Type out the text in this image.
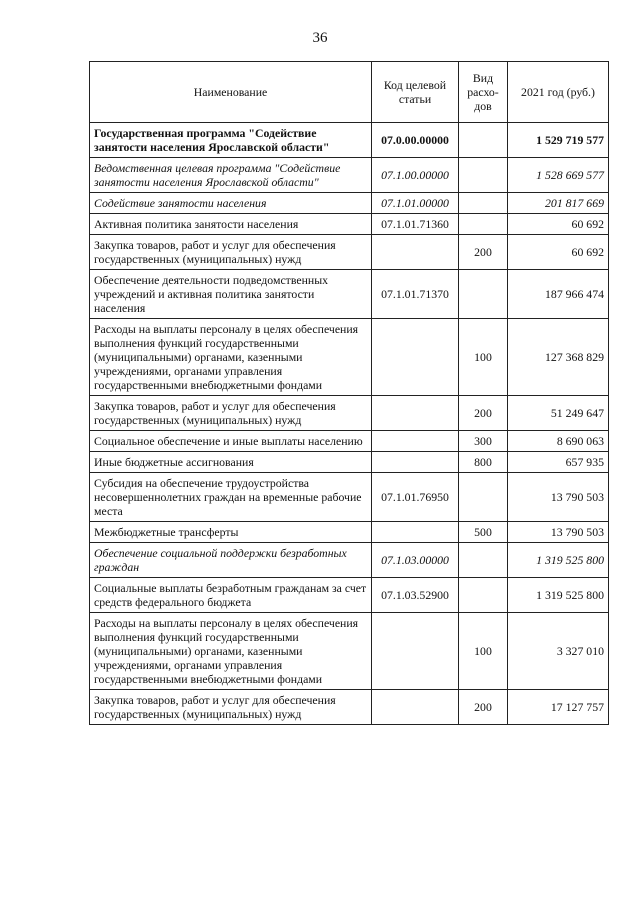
36
Наименование	Код целевой статьи	Вид расхо-дов	2021 год (руб.)
Государственная программа "Содействие занятости населения Ярославской области"	07.0.00.00000		1 529 719 577
Ведомственная целевая программа "Содействие занятости населения Ярославской области"	07.1.00.00000		1 528 669 577
Содействие занятости населения	07.1.01.00000		201 817 669
Активная политика занятости населения	07.1.01.71360		60 692
Закупка товаров, работ и услуг для обеспечения государственных (муниципальных) нужд		200	60 692
Обеспечение деятельности подведомственных учреждений и активная политика занятости населения	07.1.01.71370		187 966 474
Расходы на выплаты персоналу в целях обеспечения выполнения функций государственными (муниципальными) органами, казенными учреждениями, органами управления государственными внебюджетными фондами		100	127 368 829
Закупка товаров, работ и услуг для обеспечения государственных (муниципальных) нужд		200	51 249 647
Социальное обеспечение и иные выплаты населению		300	8 690 063
Иные бюджетные ассигнования		800	657 935
Субсидия на обеспечение трудоустройства несовершеннолетних граждан на временные рабочие места	07.1.01.76950		13 790 503
Межбюджетные трансферты		500	13 790 503
Обеспечение социальной поддержки безработных граждан	07.1.03.00000		1 319 525 800
Социальные выплаты безработным гражданам за счет средств федерального бюджета	07.1.03.52900		1 319 525 800
Расходы на выплаты персоналу в целях обеспечения выполнения функций государственными (муниципальными) органами, казенными учреждениями, органами управления государственными внебюджетными фондами		100	3 327 010
Закупка товаров, работ и услуг для обеспечения государственных (муниципальных) нужд		200	17 127 757
